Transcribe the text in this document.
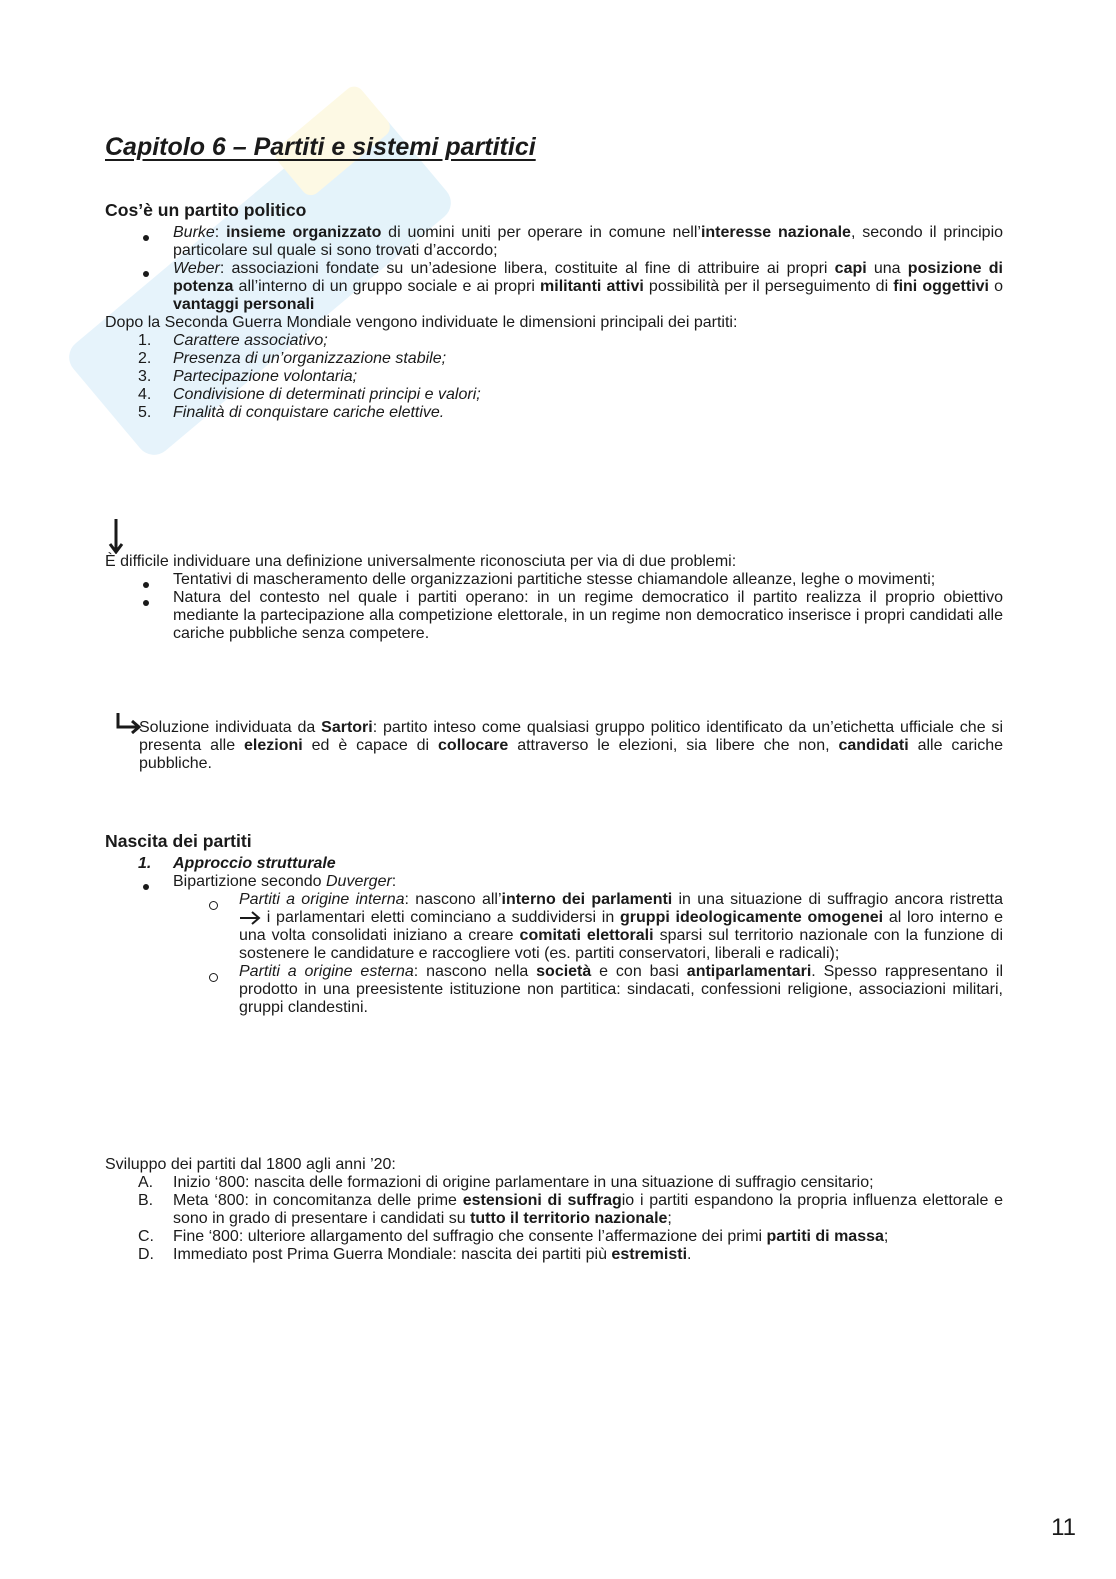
Capitolo 6 – Partiti e sistemi partitici
Cos’è un partito politico
Burke: insieme organizzato di uomini uniti per operare in comune nell’interesse nazionale, secondo il principio particolare sul quale si sono trovati d’accordo;
Weber: associazioni fondate su un’adesione libera, costituite al fine di attribuire ai propri capi una posizione di potenza all’interno di un gruppo sociale e ai propri militanti attivi possibilità per il perseguimento di fini oggettivi o vantaggi personali

Dopo la Seconda Guerra Mondiale vengono individuate le dimensioni principali dei partiti:

1.	Carattere associativo;
2.	Presenza di un’organizzazione stabile;
3.	Partecipazione volontaria;
4.	Condivisione di determinati principi e valori;
5.	Finalità di conquistare cariche elettive.

È difficile individuare una definizione universalmente riconosciuta per via di due problemi:

Tentativi di mascheramento delle organizzazioni partitiche stesse chiamandole alleanze, leghe o movimenti;
Natura del contesto nel quale i partiti operano: in un regime democratico il partito realizza il proprio obiettivo mediante la partecipazione alla competizione elettorale, in un regime non democratico inserisce i propri candidati alle cariche pubbliche senza competere.
Soluzione individuata da Sartori: partito inteso come qualsiasi gruppo politico identificato da un’etichetta ufficiale che si presenta alle elezioni ed è capace di collocare attraverso le elezioni, sia libere che non, candidati alle cariche pubbliche.
Nascita dei partiti
1.	Approccio strutturale
Bipartizione secondo Duverger:
Partiti a origine interna: nascono all’interno dei parlamenti in una situazione di suffragio ancora ristretta  i parlamentari eletti cominciano a suddividersi in gruppi ideologicamente omogenei al loro interno e una volta consolidati iniziano a creare comitati elettorali sparsi sul territorio nazionale con la funzione di sostenere le candidature e raccogliere voti (es. partiti conservatori, liberali e radicali);
Partiti a origine esterna: nascono nella società e con basi antiparlamentari. Spesso rappresentano il prodotto in una preesistente istituzione non partitica: sindacati, confessioni religione, associazioni militari, gruppi clandestini.

Sviluppo dei partiti dal 1800 agli anni ’20:

A.	Inizio ‘800: nascita delle formazioni di origine parlamentare in una situazione di suffragio censitario;
B.	Meta ‘800: in concomitanza delle prime estensioni di suffragio i partiti espandono la propria influenza elettorale e sono in grado di presentare i candidati su tutto il territorio nazionale;
C. Fine ‘800: ulteriore allargamento del suffragio che consente l’affermazione dei primi partiti di massa;
D. Immediato post Prima Guerra Mondiale: nascita dei partiti più estremisti.
11
